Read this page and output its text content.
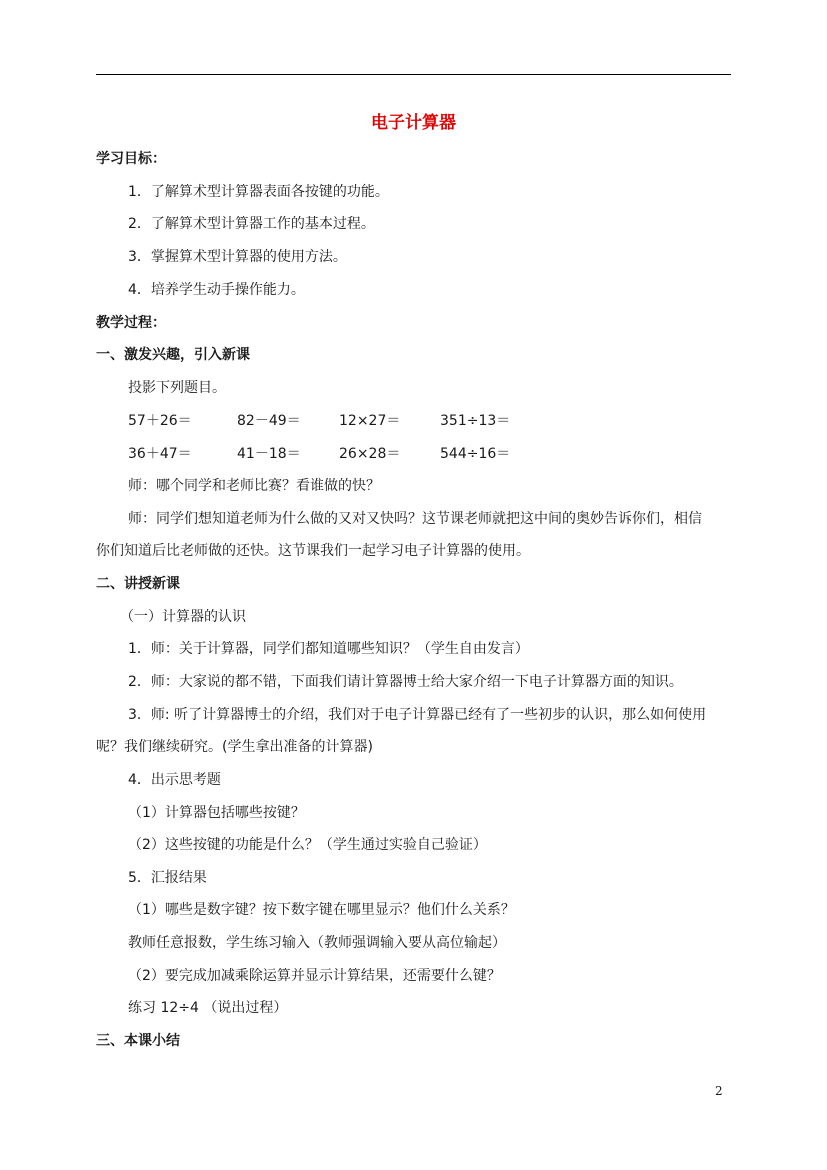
电子计算器
学习目标：
1．了解算术型计算器表面各按键的功能。
2．了解算术型计算器工作的基本过程。
3．掌握算术型计算器的使用方法。
4．培养学生动手操作能力。
教学过程：
一、激发兴趣，引入新课
投影下列题目。
57＋26＝	82－49＝	12×27＝	351÷13＝
36＋47＝	41－18＝	26×28＝	544÷16＝
师：哪个同学和老师比赛？看谁做的快？
师：同学们想知道老师为什么做的又对又快吗？这节课老师就把这中间的奥妙告诉你们，相信
你们知道后比老师做的还快。这节课我们一起学习电子计算器的使用。
二、讲授新课
（一）计算器的认识
1．师：关于计算器，同学们都知道哪些知识？（学生自由发言）
2．师：大家说的都不错，下面我们请计算器博士给大家介绍一下电子计算器方面的知识。
3．师: 听了计算器博士的介绍，我们对于电子计算器已经有了一些初步的认识，那么如何使用
呢？我们继续研究。(学生拿出准备的计算器)
4．出示思考题
（1）计算器包括哪些按键？
（2）这些按键的功能是什么？（学生通过实验自己验证）
5．汇报结果
（1）哪些是数字键？按下数字键在哪里显示？他们什么关系？
教师任意报数，学生练习输入（教师强调输入要从高位输起）
（2）要完成加减乘除运算并显示计算结果，还需要什么键？
练习 12÷4 （说出过程）
三、本课小结
2
